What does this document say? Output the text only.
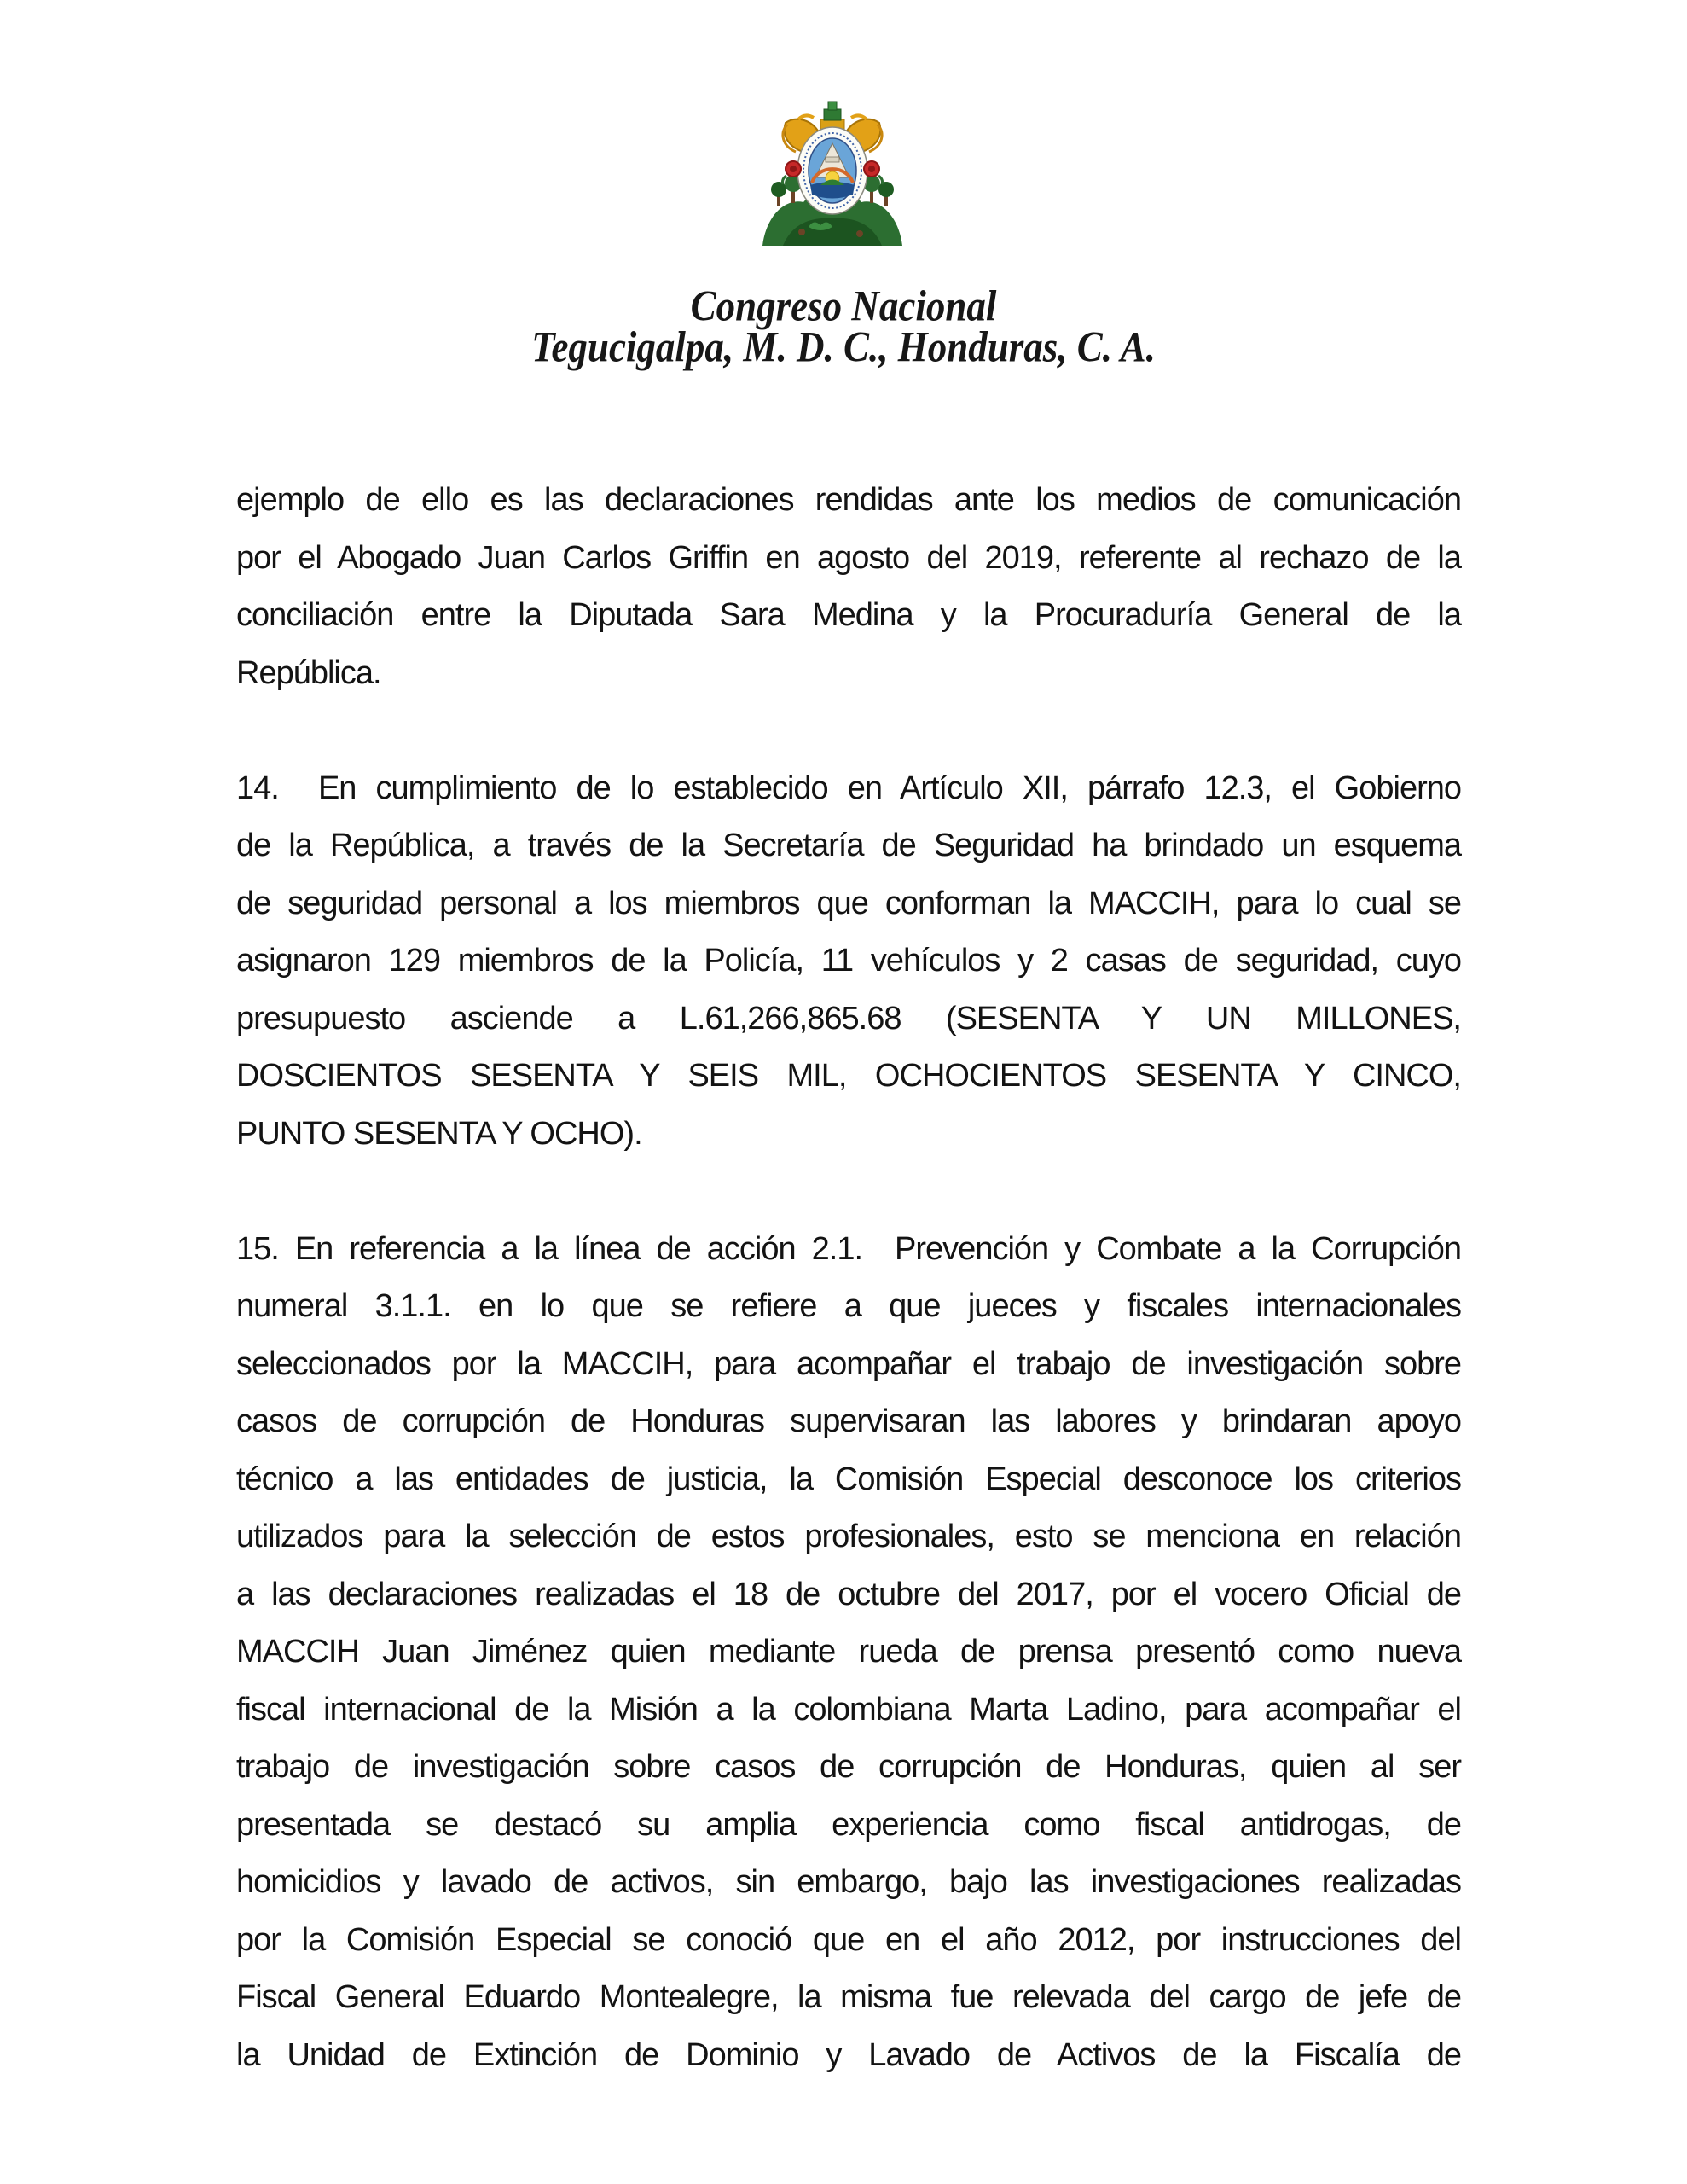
Congreso Nacional
Tegucigalpa, M. D. C., Honduras, C. A.
ejemplo de ello es las declaraciones rendidas ante los medios de comunicación
por el Abogado Juan Carlos Griffin en agosto del 2019, referente al rechazo de la
conciliación entre la Diputada Sara Medina y la Procuraduría General de la
República.
14.  En cumplimiento de lo establecido en Artículo XII, párrafo 12.3, el Gobierno
de la República, a través de la Secretaría de Seguridad ha brindado un esquema
de seguridad personal a los miembros que conforman la MACCIH, para lo cual se
asignaron 129 miembros de la Policía, 11 vehículos y 2 casas de seguridad, cuyo
presupuesto asciende a L.61,266,865.68 (SESENTA Y UN MILLONES,
DOSCIENTOS SESENTA Y SEIS MIL, OCHOCIENTOS SESENTA Y CINCO,
PUNTO SESENTA Y OCHO).
15. En referencia a la línea de acción 2.1.  Prevención y Combate a la Corrupción
numeral 3.1.1. en lo que se refiere a que jueces y fiscales internacionales
seleccionados por la MACCIH, para acompañar el trabajo de investigación sobre
casos de corrupción de Honduras supervisaran las labores y brindaran apoyo
técnico a las entidades de justicia, la Comisión Especial desconoce los criterios
utilizados para la selección de estos profesionales, esto se menciona en relación
a las declaraciones realizadas el 18 de octubre del 2017, por el vocero Oficial de
MACCIH Juan Jiménez quien mediante rueda de prensa presentó como nueva
fiscal internacional de la Misión a la colombiana Marta Ladino, para acompañar el
trabajo de investigación sobre casos de corrupción de Honduras, quien al ser
presentada se destacó su amplia experiencia como fiscal antidrogas, de
homicidios y lavado de activos, sin embargo, bajo las investigaciones realizadas
por la Comisión Especial se conoció que en el año 2012, por instrucciones del
Fiscal General Eduardo Montealegre, la misma fue relevada del cargo de jefe de
la Unidad de Extinción de Dominio y Lavado de Activos de la Fiscalía de
